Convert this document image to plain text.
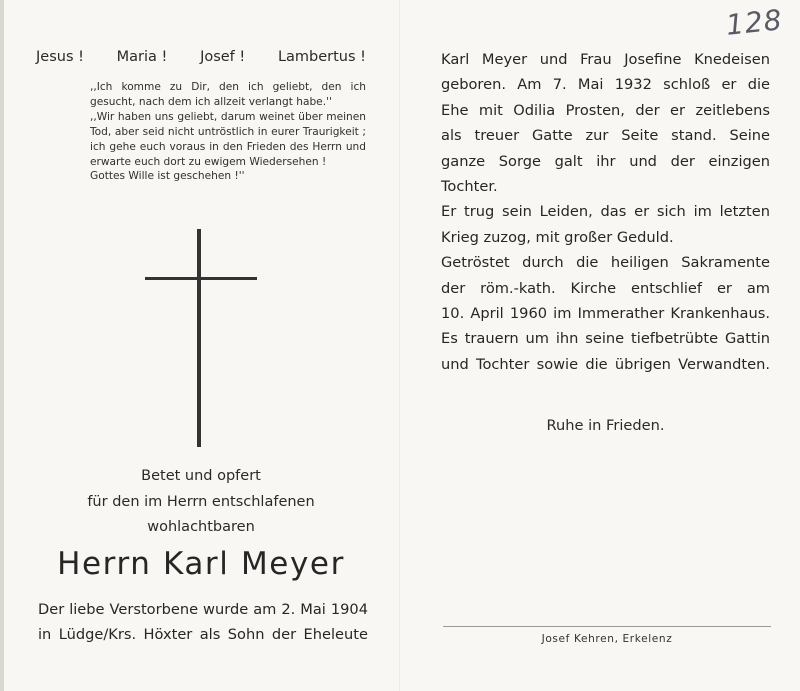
128
Jesus ! Maria ! Josef ! Lambertus !

,,Ich komme zu Dir, den ich geliebt, den ich gesucht, nach dem ich allzeit verlangt habe.''

,,Wir haben uns geliebt, darum weinet über meinen Tod, aber seid nicht untröstlich in eurer Traurigkeit ; ich gehe euch voraus in den Frieden des Herrn und erwarte euch dort zu ewigem Wiedersehen !

Gottes Wille ist geschehen !''

Betet und opfert

für den im Herrn entschlafenen

wohlachtbaren

Herrn Karl Meyer

Der liebe Verstorbene wurde am 2. Mai 1904

in Lüdge/Krs. Höxter als Sohn der Eheleute

Karl Meyer und Frau Josefine Knedeisen

geboren. Am 7. Mai 1932 schloß er die

Ehe mit Odilia Prosten, der er zeitlebens

als treuer Gatte zur Seite stand. Seine

ganze Sorge galt ihr und der einzigen

Tochter.

Er trug sein Leiden, das er sich im letzten

Krieg zuzog, mit großer Geduld.

Getröstet durch die heiligen Sakramente

der röm.-kath. Kirche entschlief er am

10. April 1960 im Immerather Krankenhaus.

Es trauern um ihn seine tiefbetrübte Gattin

und Tochter sowie die übrigen Verwandten.

Ruhe in Frieden.
Josef Kehren, Erkelenz
